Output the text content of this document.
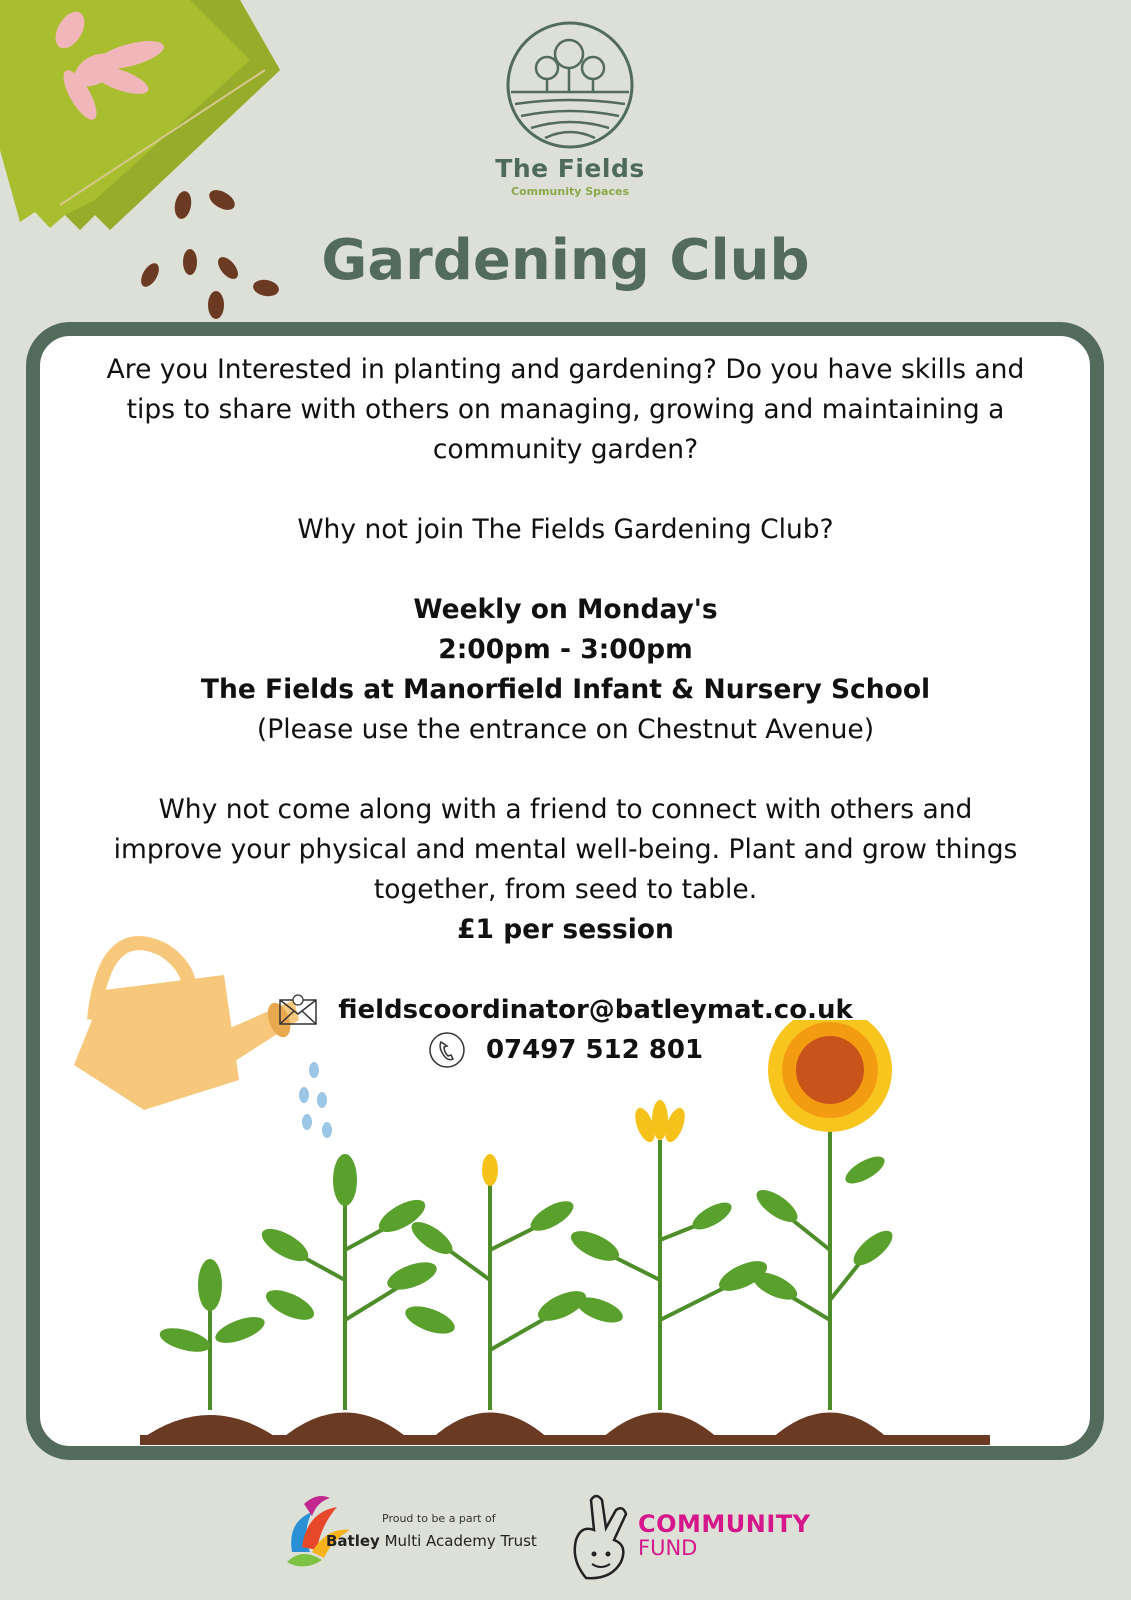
The Fields
Community Spaces
Gardening Club

Are you Interested in planting and gardening? Do you have skills and

tips to share with others on managing, growing and maintaining a

community garden?

Why not join The Fields Gardening Club?

Weekly on Monday's

2:00pm - 3:00pm

The Fields at Manorfield Infant & Nursery School

(Please use the entrance on Chestnut Avenue)

Why not come along with a friend to connect with others and

improve your physical and mental well-being. Plant and grow things

together, from seed to table.

£1 per session

fieldscoordinator@batleymat.co.uk
07497 512 801
Proud to be a part of
Batley Multi Academy Trust
COMMUNITY
FUND
